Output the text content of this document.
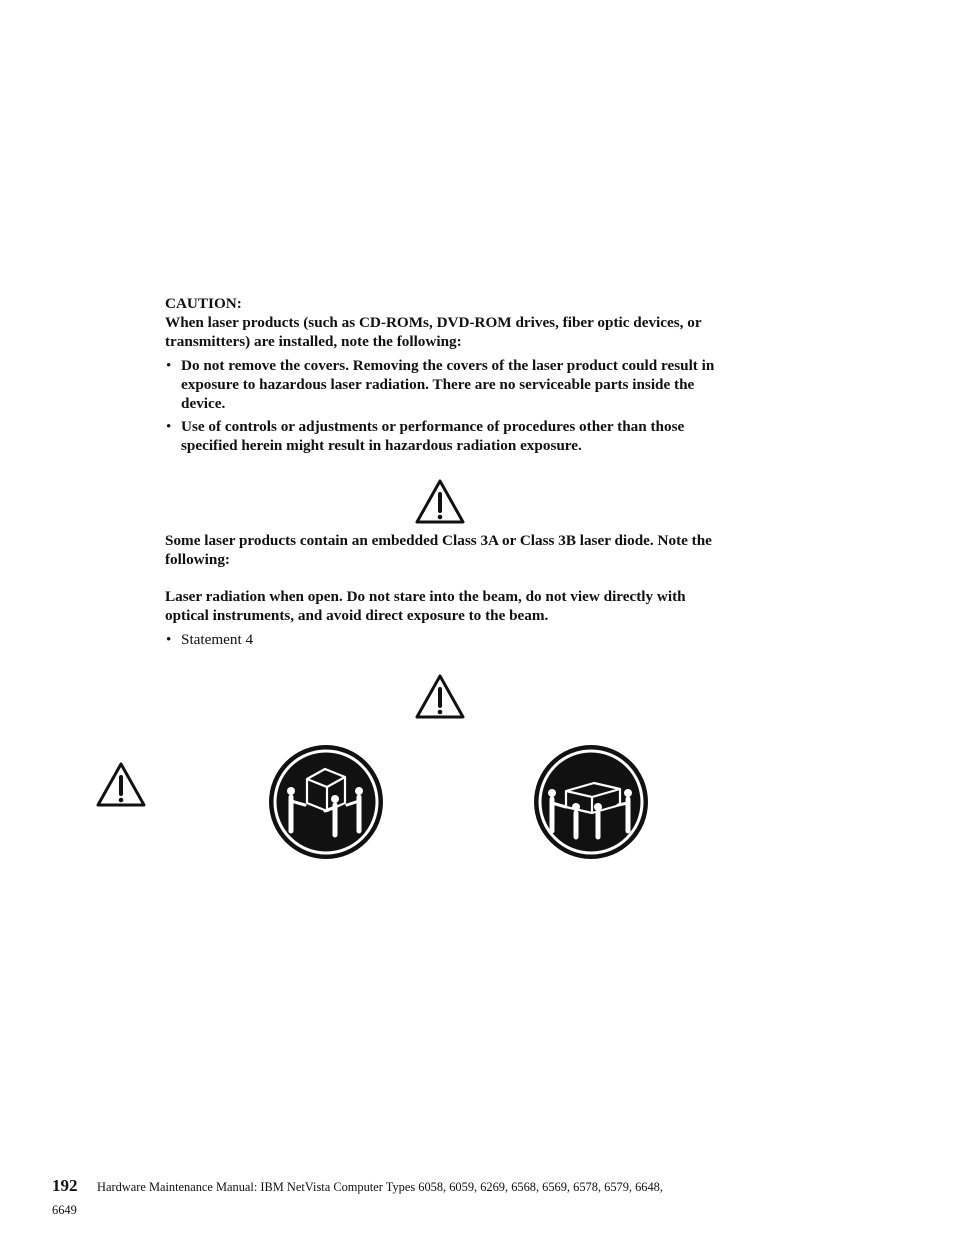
CAUTION:
When laser products (such as CD-ROMs, DVD-ROM drives, fiber optic devices, or transmitters) are installed, note the following:
• Do not remove the covers. Removing the covers of the laser product could result in exposure to hazardous laser radiation. There are no serviceable parts inside the device.
• Use of controls or adjustments or performance of procedures other than those specified herein might result in hazardous radiation exposure.
Some laser products contain an embedded Class 3A or Class 3B laser diode. Note the following:
Laser radiation when open. Do not stare into the beam, do not view directly with optical instruments, and avoid direct exposure to the beam.
• Statement 4
192 Hardware Maintenance Manual: IBM NetVista Computer Types 6058, 6059, 6269, 6568, 6569, 6578, 6579, 6648,
6649
